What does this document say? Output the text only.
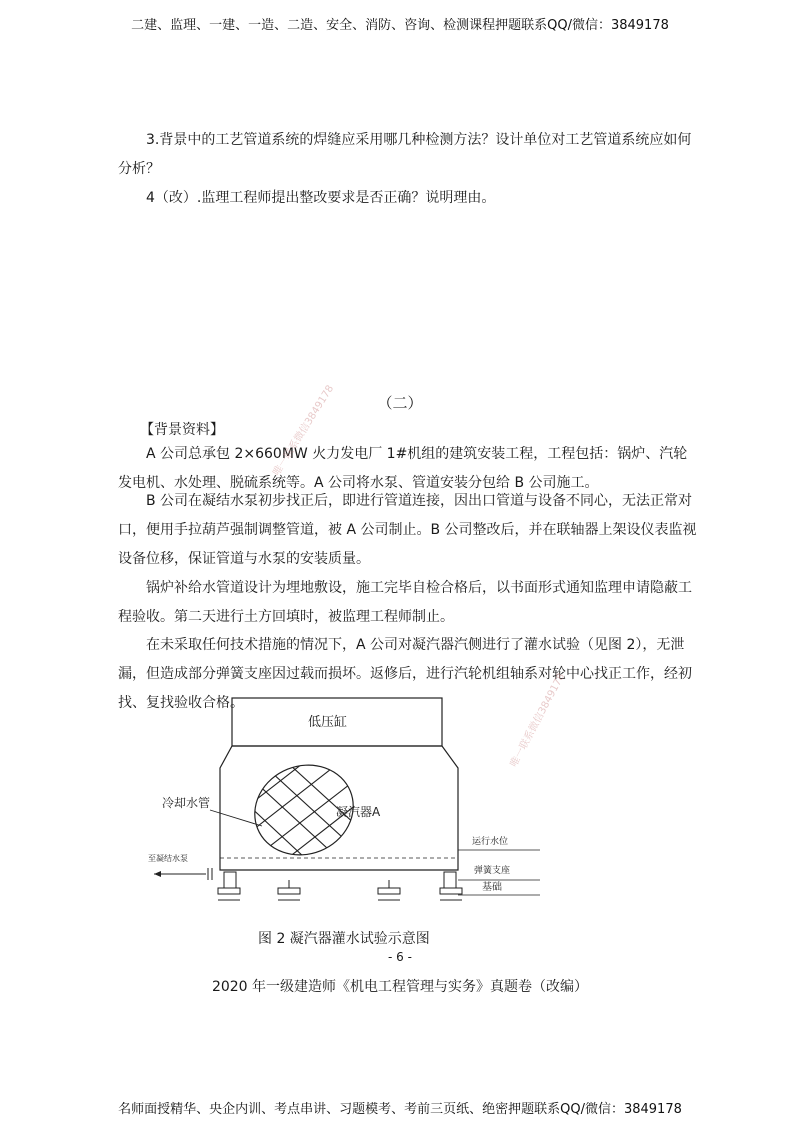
二建、监理、一建、一造、二造、安全、消防、咨询、检测课程押题联系QQ/微信：3849178

3.背景中的工艺管道系统的焊缝应采用哪几种检测方法？设计单位对工艺管道系统应如何分析？

4（改）.监理工程师提出整改要求是否正确？说明理由。

（二）

【背景资料】

A 公司总承包 2×660MW 火力发电厂 1#机组的建筑安装工程，工程包括：锅炉、汽轮发电机、水处理、脱硫系统等。A 公司将水泵、管道安装分包给 B 公司施工。

B 公司在凝结水泵初步找正后，即进行管道连接，因出口管道与设备不同心，无法正常对口，便用手拉葫芦强制调整管道，被 A 公司制止。B 公司整改后，并在联轴器上架设仪表监视设备位移，保证管道与水泵的安装质量。

锅炉补给水管道设计为埋地敷设，施工完毕自检合格后，以书面形式通知监理申请隐蔽工程验收。第二天进行土方回填时，被监理工程师制止。

在未采取任何技术措施的情况下，A 公司对凝汽器汽侧进行了灌水试验（见图 2），无泄漏，但造成部分弹簧支座因过载而损坏。返修后，进行汽轮机组轴系对轮中心找正工作，经初找、复找验收合格。

唯一联系微信3849178
唯一联系微信3849178
低压缸
凝汽器A
冷却水管
运行水位
至凝结水泵
弹簧支座
基础
图 2 凝汽器灌水试验示意图
- 6 -
2020 年一级建造师《机电工程管理与实务》真题卷（改编）
名师面授精华、央企内训、考点串讲、习题模考、考前三页纸、绝密押题联系QQ/微信：3849178
